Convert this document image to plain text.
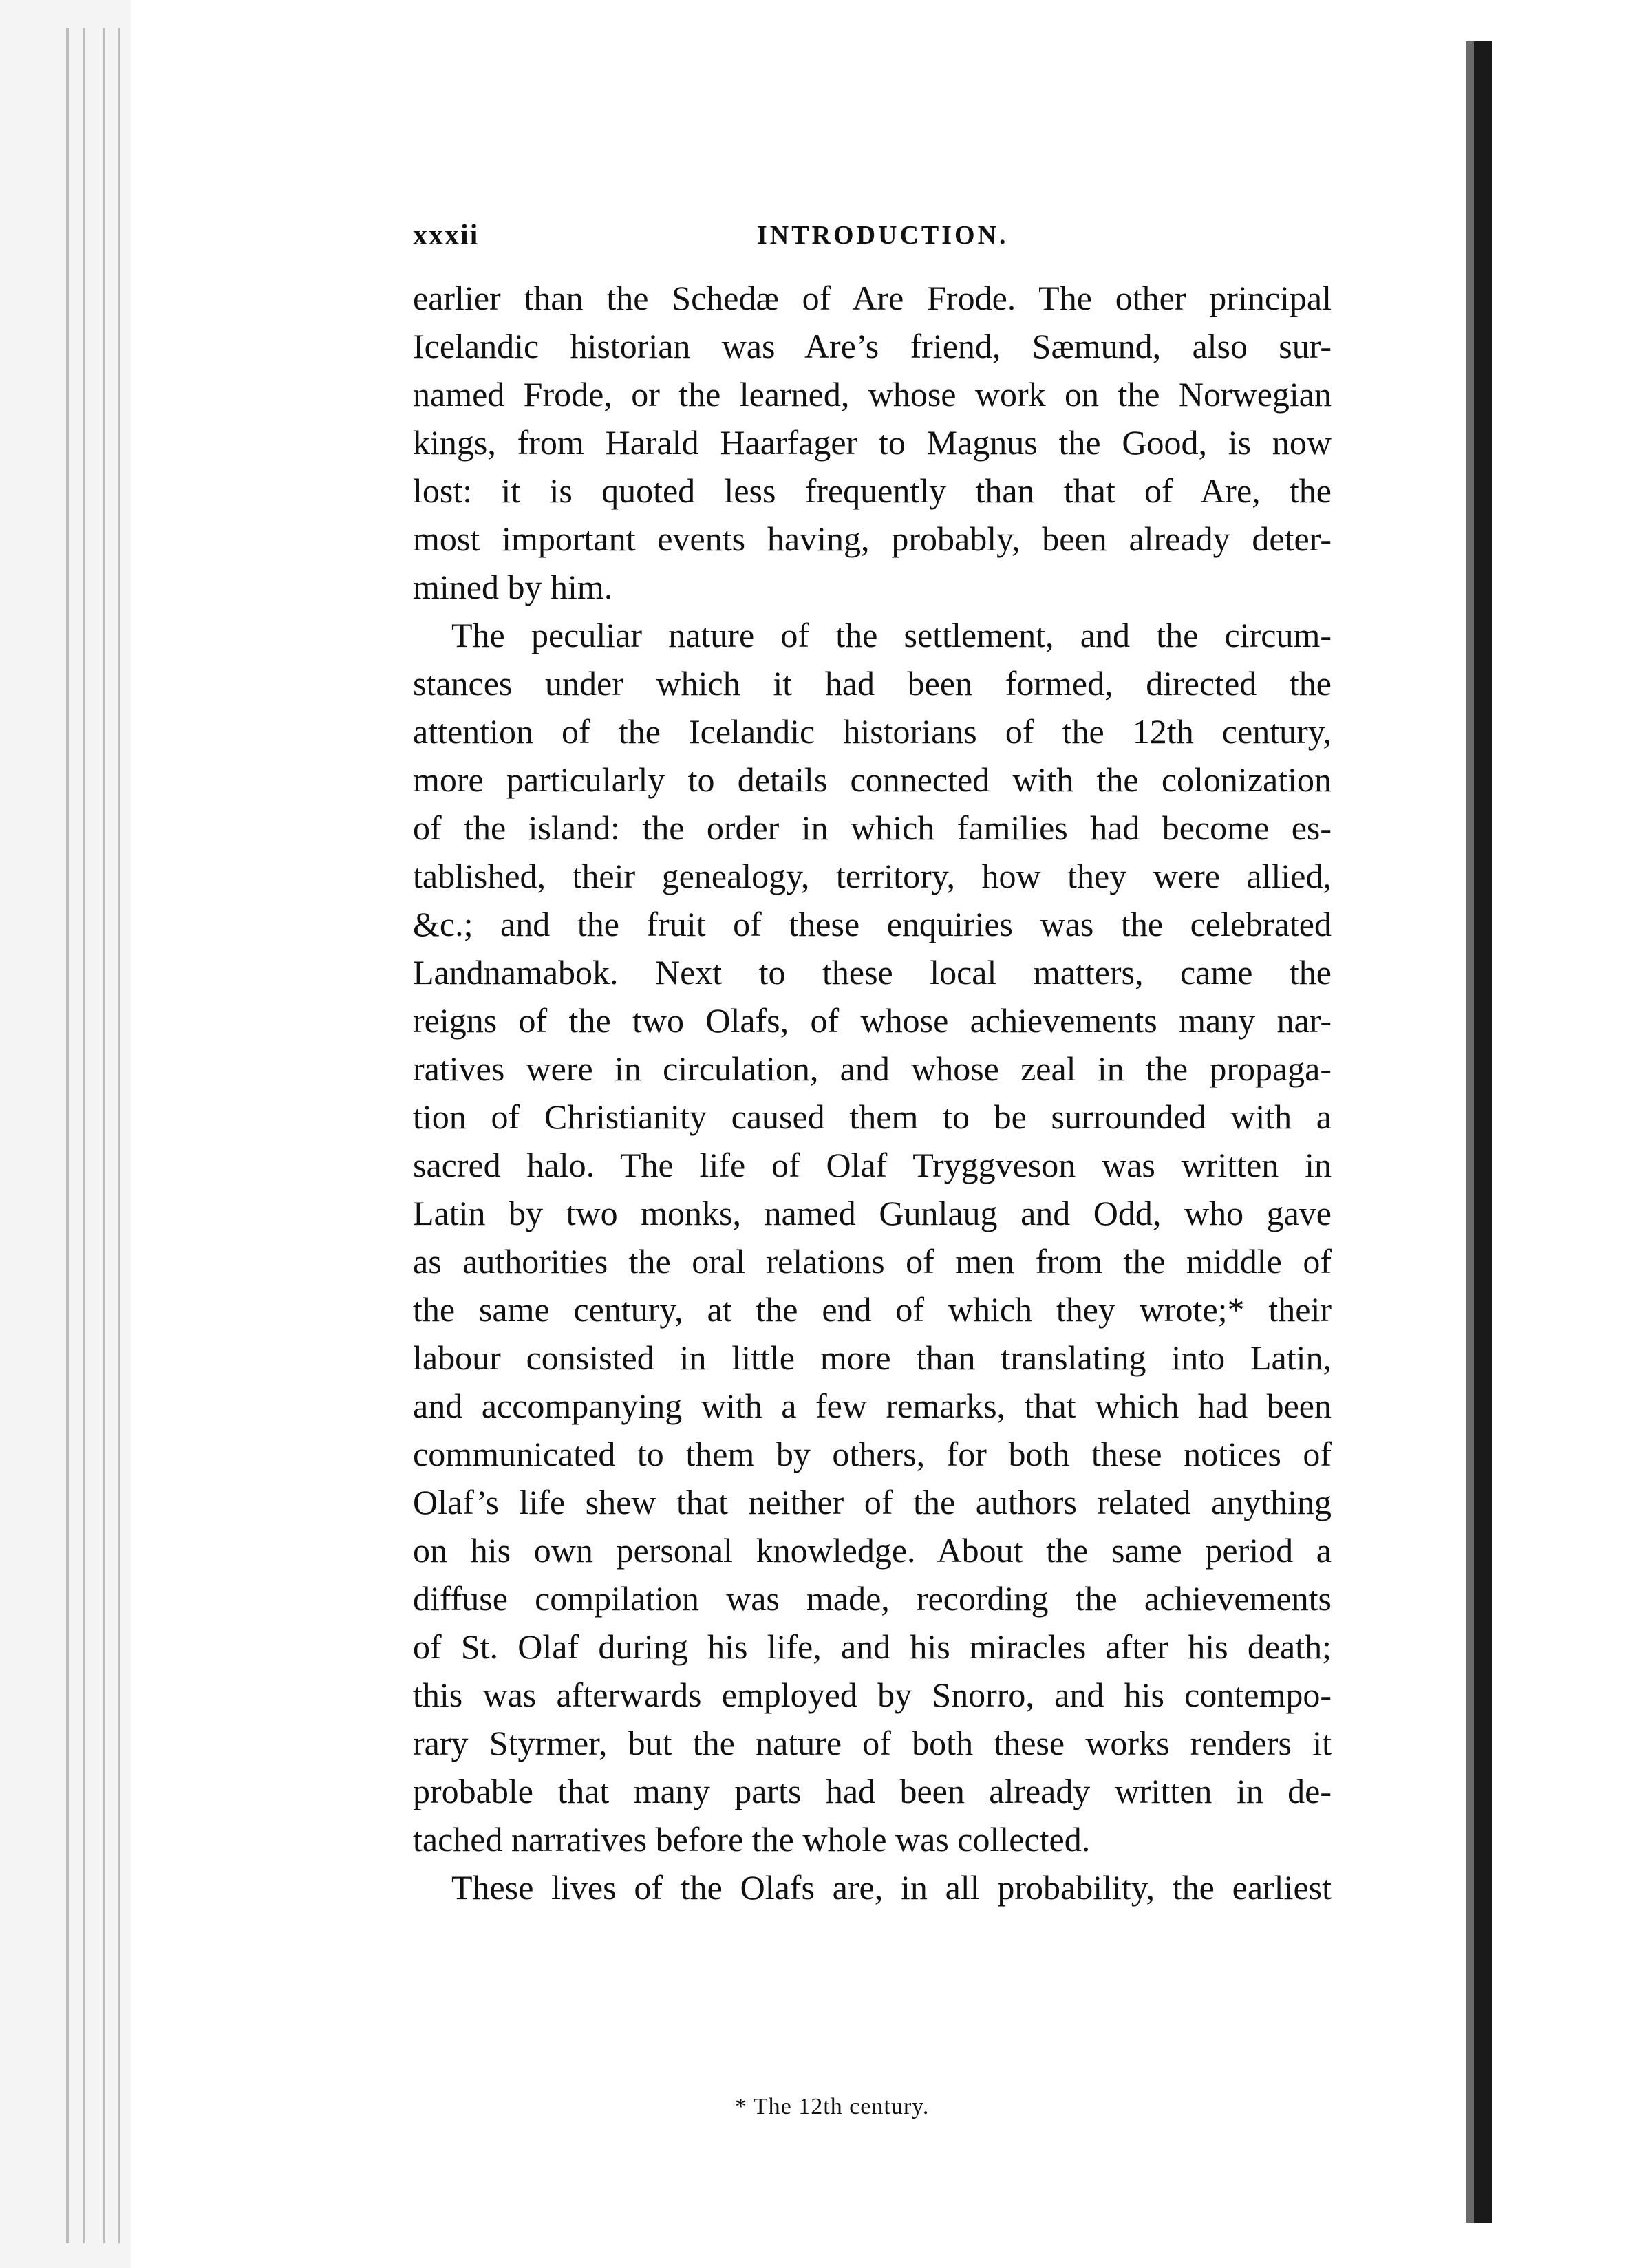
xxxii	INTRODUCTION.
earlier than the Schedæ of Are Frode. The other principal
Icelandic historian was Are’s friend, Sæmund, also sur-
named Frode, or the learned, whose work on the Norwegian
kings, from Harald Haarfager to Magnus the Good, is now
lost: it is quoted less frequently than that of Are, the
most important events having, probably, been already deter-
mined by him.
The peculiar nature of the settlement, and the circum-
stances under which it had been formed, directed the
attention of the Icelandic historians of the 12th century,
more particularly to details connected with the colonization
of the island: the order in which families had become es-
tablished, their genealogy, territory, how they were allied,
&c.; and the fruit of these enquiries was the celebrated
Landnamabok. Next to these local matters, came the
reigns of the two Olafs, of whose achievements many nar-
ratives were in circulation, and whose zeal in the propaga-
tion of Christianity caused them to be surrounded with a
sacred halo. The life of Olaf Tryggveson was written in
Latin by two monks, named Gunlaug and Odd, who gave
as authorities the oral relations of men from the middle of
the same century, at the end of which they wrote;* their
labour consisted in little more than translating into Latin,
and accompanying with a few remarks, that which had been
communicated to them by others, for both these notices of
Olaf’s life shew that neither of the authors related anything
on his own personal knowledge. About the same period a
diffuse compilation was made, recording the achievements
of St. Olaf during his life, and his miracles after his death;
this was afterwards employed by Snorro, and his contempo-
rary Styrmer, but the nature of both these works renders it
probable that many parts had been already written in de-
tached narratives before the whole was collected.
These lives of the Olafs are, in all probability, the earliest
* The 12th century.
